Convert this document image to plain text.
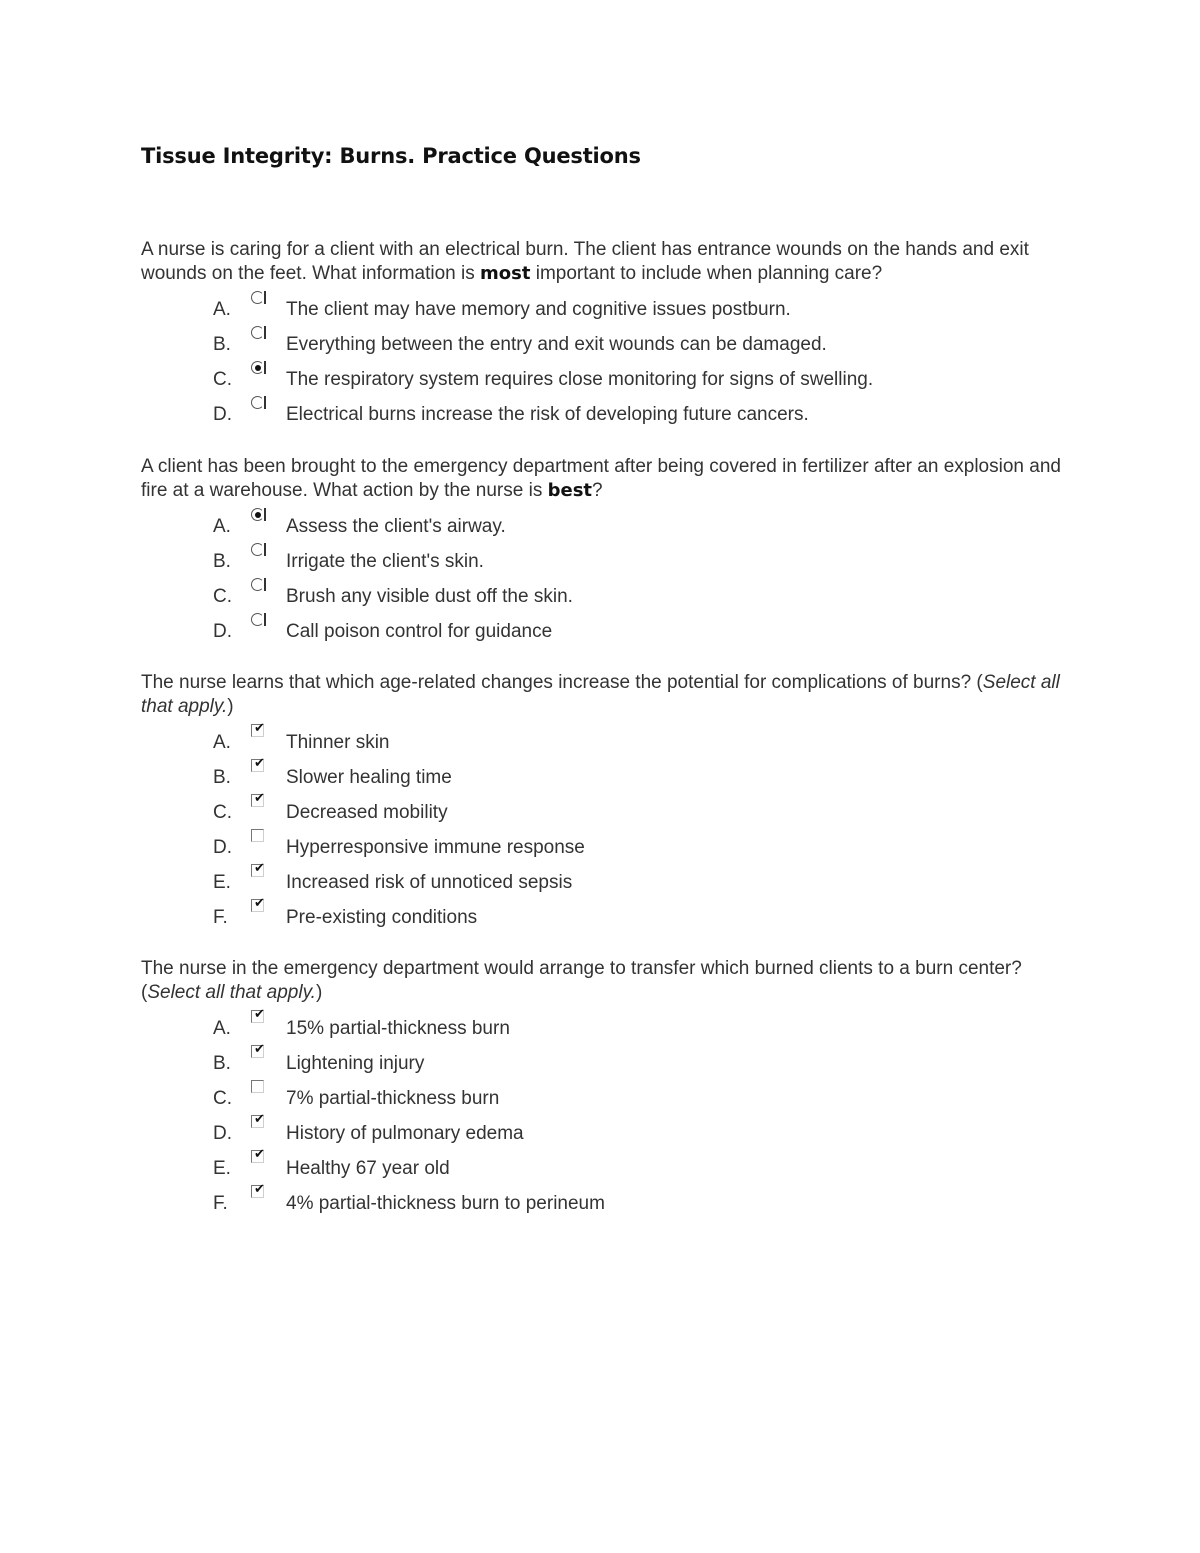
Tissue Integrity: Burns. Practice Questions

A nurse is caring for a client with an electrical burn. The client has entrance wounds on the hands and exit wounds on the feet. What information is most important to include when planning care?

A.	The client may have memory and cognitive issues postburn.
B.	Everything between the entry and exit wounds can be damaged.
C.	The respiratory system requires close monitoring for signs of swelling.
D.	Electrical burns increase the risk of developing future cancers.

A client has been brought to the emergency department after being covered in fertilizer after an explosion and fire at a warehouse. What action by the nurse is best?

A.	Assess the client's airway.
B.	Irrigate the client's skin.
C.	Brush any visible dust off the skin.
D.	Call poison control for guidance

The nurse learns that which age-related changes increase the potential for complications of burns? (Select all that apply.)

A.
✔
Thinner skin
B.
✔
Slower healing time
C.
✔
Decreased mobility
D.	Hyperresponsive immune response
E.
✔
Increased risk of unnoticed sepsis
F.
✔
Pre-existing conditions

The nurse in the emergency department would arrange to transfer which burned clients to a burn center? (Select all that apply.)

A.
✔
15% partial-thickness burn
B.
✔
Lightening injury
C.	7% partial-thickness burn
D.
✔
History of pulmonary edema
E.
✔
Healthy 67 year old
F.
✔
4% partial-thickness burn to perineum
